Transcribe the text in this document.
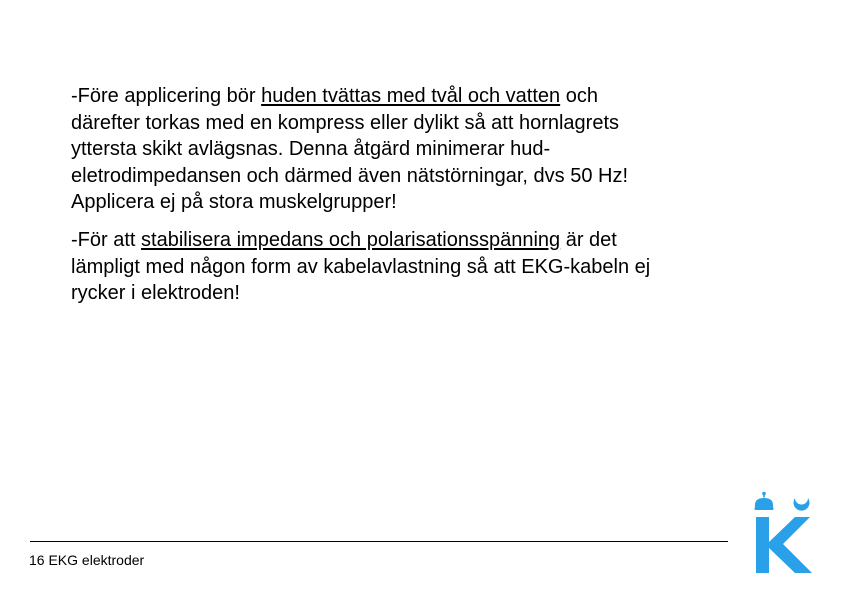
-Före applicering bör huden tvättas med tvål och vatten och
därefter torkas med en kompress eller dylikt så att hornlagrets
yttersta skikt avlägsnas. Denna åtgärd minimerar hud-
eletrodimpedansen och därmed även nätstörningar, dvs 50 Hz!
Applicera ej på stora muskelgrupper!

-För att stabilisera impedans och polarisationsspänning är det
lämpligt med någon form av kabelavlastning så att EKG-kabeln ej
rycker i elektroden!

16 EKG elektroder
